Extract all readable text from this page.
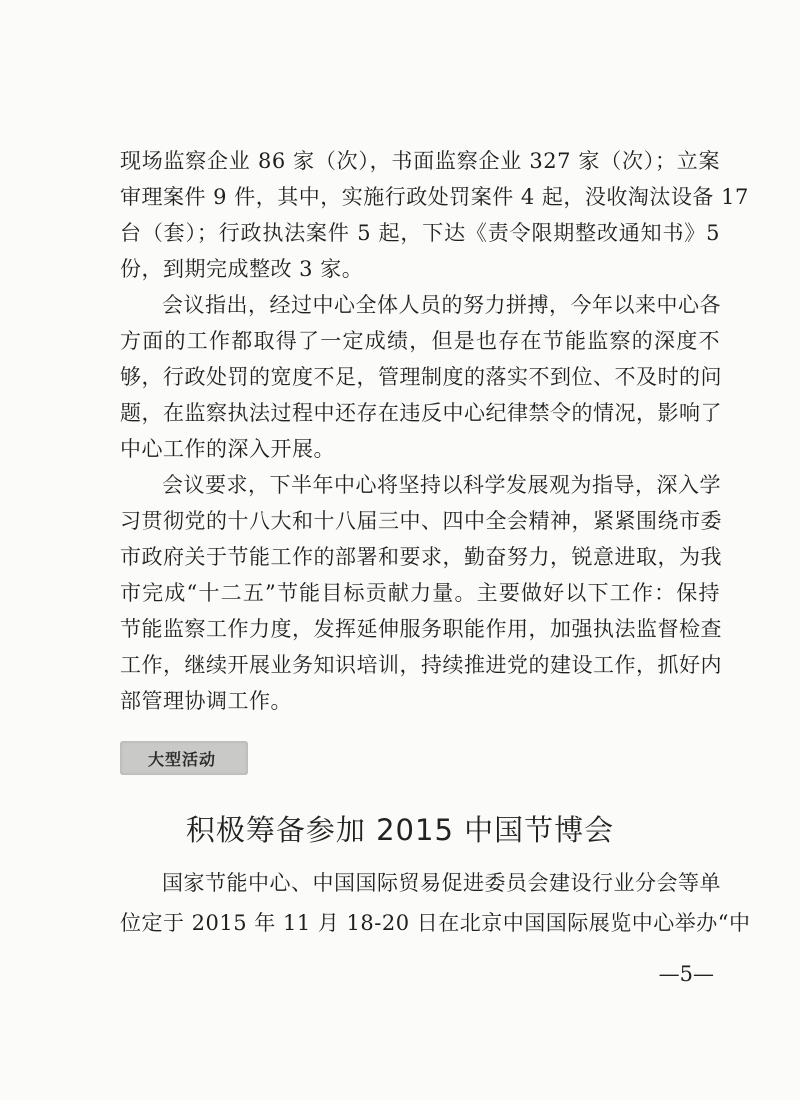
现场监察企业 86 家（次），书面监察企业 327 家（次）；立案
审理案件 9 件，其中，实施行政处罚案件 4 起，没收淘汰设备 17
台（套）；行政执法案件 5 起，下达《责令限期整改通知书》5
份，到期完成整改 3 家。
会议指出，经过中心全体人员的努力拼搏，今年以来中心各
方面的工作都取得了一定成绩，但是也存在节能监察的深度不
够，行政处罚的宽度不足，管理制度的落实不到位、不及时的问
题，在监察执法过程中还存在违反中心纪律禁令的情况，影响了
中心工作的深入开展。
会议要求，下半年中心将坚持以科学发展观为指导，深入学
习贯彻党的十八大和十八届三中、四中全会精神，紧紧围绕市委
市政府关于节能工作的部署和要求，勤奋努力，锐意进取，为我
市完成“十二五”节能目标贡献力量。主要做好以下工作：保持
节能监察工作力度，发挥延伸服务职能作用，加强执法监督检查
工作，继续开展业务知识培训，持续推进党的建设工作，抓好内
部管理协调工作。
大型活动
积极筹备参加 2015 中国节博会
国家节能中心、中国国际贸易促进委员会建设行业分会等单
位定于 2015 年 11 月 18-20 日在北京中国国际展览中心举办“中
—5—
